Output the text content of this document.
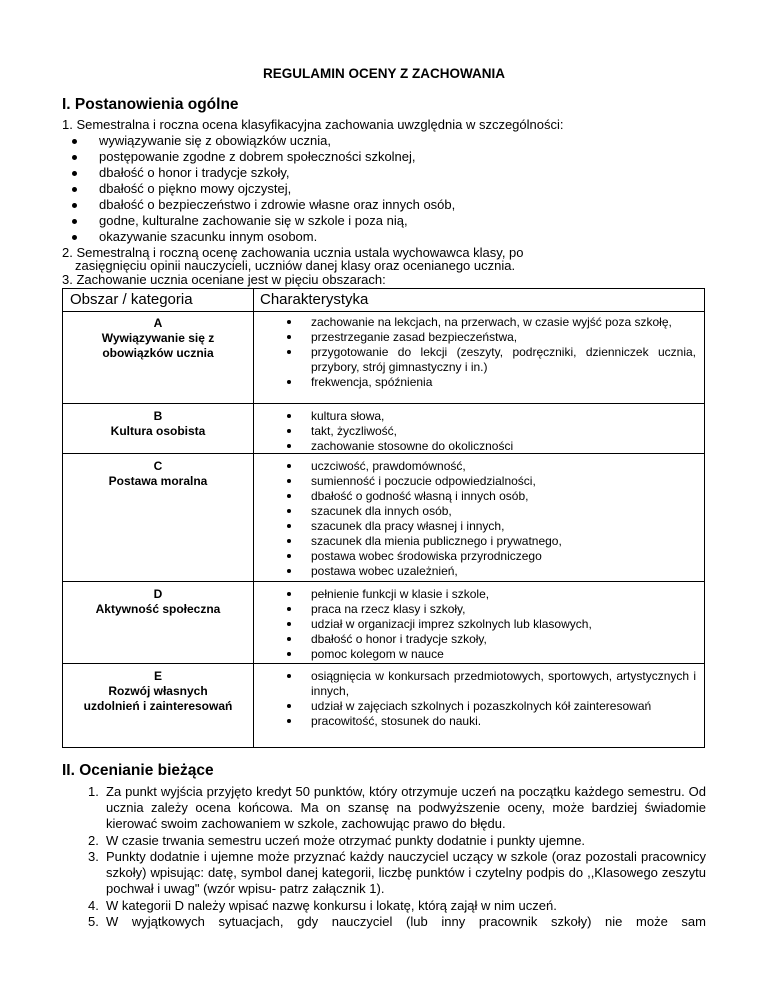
REGULAMIN OCENY Z ZACHOWANIA
I. Postanowienia ogólne
1. Semestralna i roczna ocena klasyfikacyjna zachowania uwzględnia w szczególności:
wywiązywanie się z obowiązków ucznia,
postępowanie zgodne z dobrem społeczności szkolnej,
dbałość o honor i tradycje szkoły,
dbałość o piękno mowy ojczystej,
dbałość o bezpieczeństwo i zdrowie własne oraz innych osób,
godne, kulturalne zachowanie się w szkole i poza nią,
okazywanie szacunku innym osobom.
2. Semestralną i roczną ocenę zachowania ucznia ustala wychowawca klasy, po
zasięgnięciu opinii nauczycieli, uczniów danej klasy oraz ocenianego ucznia.
3. Zachowanie ucznia oceniane jest w pięciu obszarach:
Obszar / kategoria	Charakterystyka
A
Wywiązywanie się z
obowiązków ucznia
zachowanie na lekcjach, na przerwach, w czasie wyjść poza szkołę,
przestrzeganie zasad bezpieczeństwa,
przygotowanie do lekcji (zeszyty, podręczniki, dzienniczek ucznia, przybory, strój gimnastyczny i in.)
frekwencja, spóźnienia
B
Kultura osobista
kultura słowa,
takt, życzliwość,
zachowanie stosowne do okoliczności
C
Postawa moralna
uczciwość, prawdomówność,
sumienność i poczucie odpowiedzialności,
dbałość o godność własną i innych osób,
szacunek dla innych osób,
szacunek dla pracy własnej i innych,
szacunek dla mienia publicznego i prywatnego,
postawa wobec środowiska przyrodniczego
postawa wobec uzależnień,
D
Aktywność społeczna
pełnienie funkcji w klasie i szkole,
praca na rzecz klasy i szkoły,
udział w organizacji imprez szkolnych lub klasowych,
dbałość o honor i tradycje szkoły,
pomoc kolegom w nauce
E
Rozwój własnych
uzdolnień i zainteresowań
osiągnięcia w konkursach przedmiotowych, sportowych, artystycznych i innych,
udział w zajęciach szkolnych i pozaszkolnych kół zainteresowań
pracowitość, stosunek do nauki.
II. Ocenianie bieżące
1. Za punkt wyjścia przyjęto kredyt 50 punktów, który otrzymuje uczeń na początku każdego semestru. Od ucznia zależy ocena końcowa. Ma on szansę na podwyższenie oceny, może bardziej świadomie kierować swoim zachowaniem w szkole, zachowując prawo do błędu.
2. W czasie trwania semestru uczeń może otrzymać punkty dodatnie i punkty ujemne.
3. Punkty dodatnie i ujemne może przyznać każdy nauczyciel uczący w szkole (oraz pozostali pracownicy szkoły) wpisując: datę, symbol danej kategorii, liczbę punktów i czytelny podpis do ,,Klasowego zeszytu pochwał i uwag" (wzór wpisu- patrz załącznik 1).
4. W kategorii D należy wpisać nazwę konkursu i lokatę, którą zajął w nim uczeń.
5. W wyjątkowych sytuacjach, gdy nauczyciel (lub inny pracownik szkoły) nie może sam
